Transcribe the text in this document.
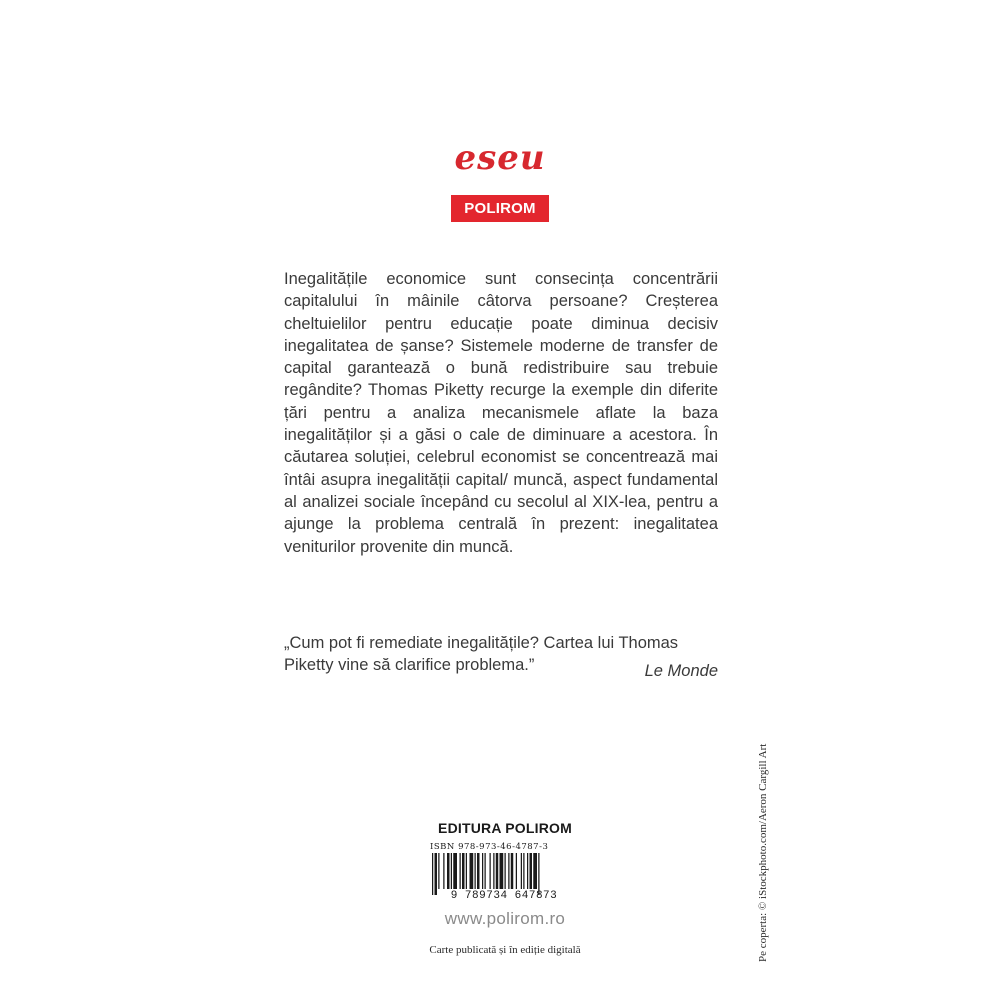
eseu
POLIROM

Inegalitățile economice sunt consecința concentrării capitalului în mâinile câtorva persoane? Creșterea cheltuielilor pentru educație poate diminua decisiv inegalitatea de șanse? Sistemele moderne de transfer de capital garantează o bună redistribuire sau trebuie regândite? Thomas Piketty recurge la exemple din diferite țări pentru a analiza mecanismele aflate la baza inegalităților și a găsi o cale de diminuare a acestora. În căutarea soluției, celebrul economist se concentrează mai întâi asupra inegalității capital/ muncă, aspect fundamental al analizei sociale începând cu secolul al XIX-lea, pentru a ajunge la problema centrală în prezent: inegalitatea veniturilor provenite din muncă.

„Cum pot fi remediate inegalitățile? Cartea lui Thomas Piketty vine să clarifice problema.”	Le Monde
EDITURA POLIROM
ISBN 978-973-46-4787-3
9 789734 647873
www.polirom.ro
Carte publicată și în ediție digitală	Pe coperta: © iStockphoto.com/Aeron Cargill Art
